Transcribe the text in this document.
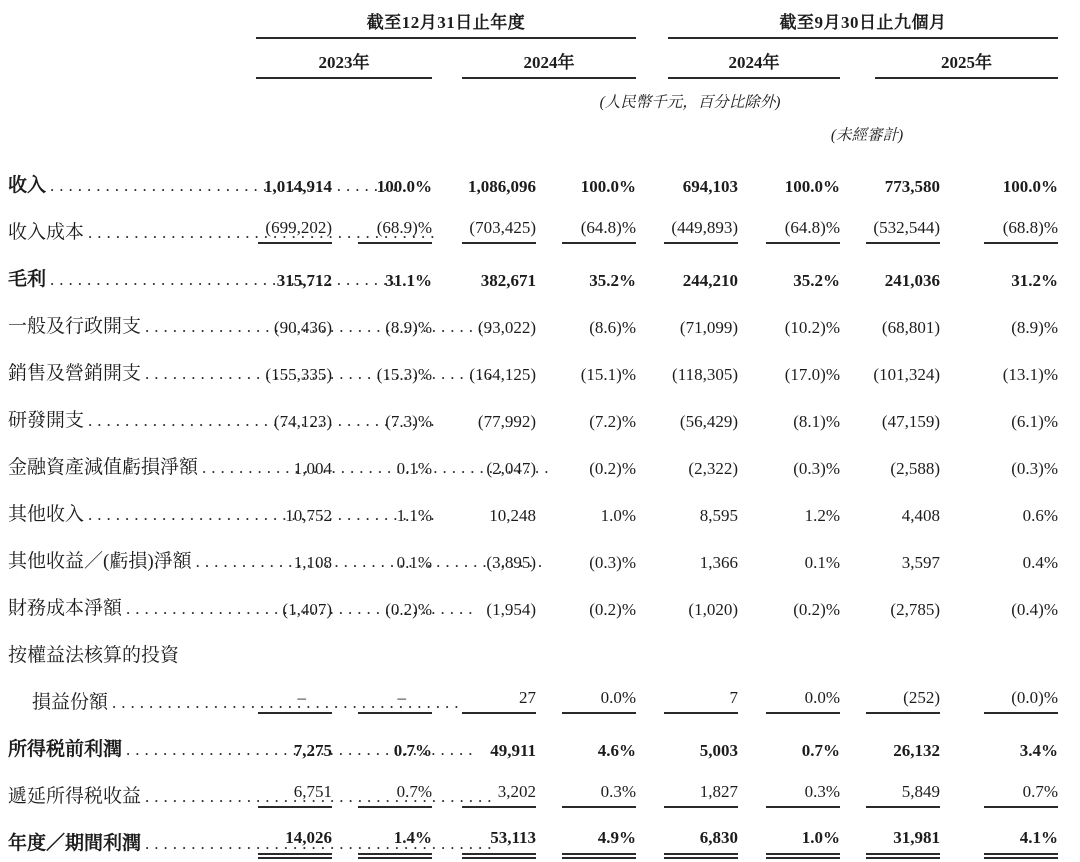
	截至12月31日止年度				截至9月30日止九個月			

	2023年		2024年		2024年		2025年	

	(人民幣千元，百分比除外)							
					(未經審計)			

收入
.....	1,014,914	100.0%	1,086,096	100.0%	694,103	100.0%	773,580	100.0%

收入成本
.....	(699,202)	(68.9)%	(703,425)	(64.8)%	(449,893)	(64.8)%	(532,544)	(68.8)%

毛利
.....	315,712	31.1%	382,671	35.2%	244,210	35.2%	241,036	31.2%

一般及行政開支
.....	(90,436)	(8.9)%	(93,022)	(8.6)%	(71,099)	(10.2)%	(68,801)	(8.9)%

銷售及營銷開支
.....	(155,335)	(15.3)%	(164,125)	(15.1)%	(118,305)	(17.0)%	(101,324)	(13.1)%

研發開支
.....	(74,123)	(7.3)%	(77,992)	(7.2)%	(56,429)	(8.1)%	(47,159)	(6.1)%

金融資產減值虧損淨額
.....	1,004	0.1%	(2,047)	(0.2)%	(2,322)	(0.3)%	(2,588)	(0.3)%

其他收入
.....	10,752	1.1%	10,248	1.0%	8,595	1.2%	4,408	0.6%

其他收益／(虧損)淨額
.....	1,108	0.1%	(3,895)	(0.3)%	1,366	0.1%	3,597	0.4%

財務成本淨額
.....	(1,407)	(0.2)%	(1,954)	(0.2)%	(1,020)	(0.2)%	(2,785)	(0.4)%

按權益法核算的投資								

損益份額
.....	–	–	27	0.0%	7	0.0%	(252)	(0.0)%

所得税前利潤
.....	7,275	0.7%	49,911	4.6%	5,003	0.7%	26,132	3.4%

遞延所得税收益
.....	6,751	0.7%	3,202	0.3%	1,827	0.3%	5,849	0.7%

年度／期間利潤
.....	14,026	1.4%	53,113	4.9%	6,830	1.0%	31,981	4.1%
